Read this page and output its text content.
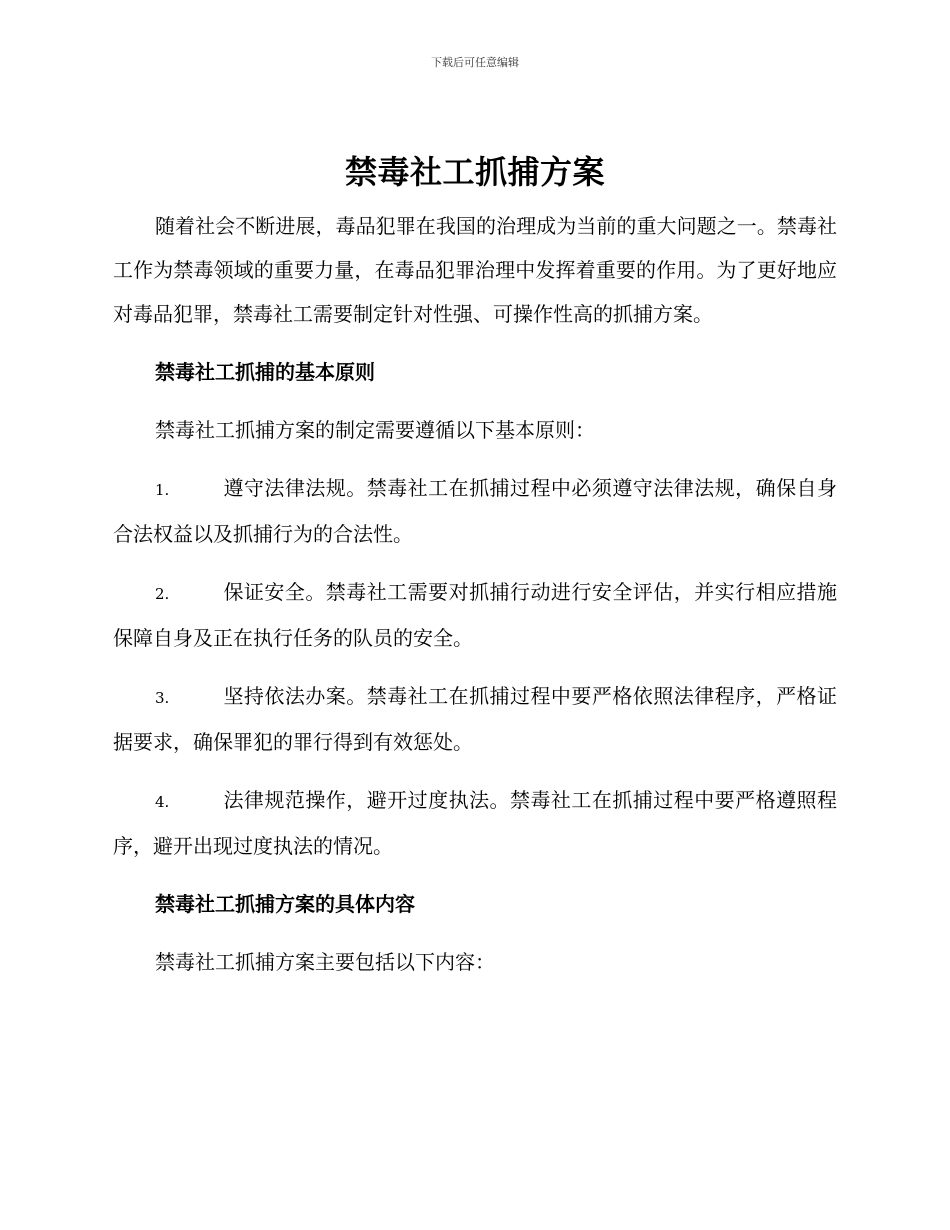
下载后可任意编辑
禁毒社工抓捕方案

随着社会不断进展，毒品犯罪在我国的治理成为当前的重大问题之一。禁毒社工作为禁毒领域的重要力量，在毒品犯罪治理中发挥着重要的作用。为了更好地应对毒品犯罪，禁毒社工需要制定针对性强、可操作性高的抓捕方案。

禁毒社工抓捕的基本原则

禁毒社工抓捕方案的制定需要遵循以下基本原则：

1.	遵守法律法规。禁毒社工在抓捕过程中必须遵守法律法规，确保自身合法权益以及抓捕行为的合法性。

2.	保证安全。禁毒社工需要对抓捕行动进行安全评估，并实行相应措施保障自身及正在执行任务的队员的安全。

3.	坚持依法办案。禁毒社工在抓捕过程中要严格依照法律程序，严格证据要求，确保罪犯的罪行得到有效惩处。

4.	法律规范操作，避开过度执法。禁毒社工在抓捕过程中要严格遵照程序，避开出现过度执法的情况。

禁毒社工抓捕方案的具体内容

禁毒社工抓捕方案主要包括以下内容：
